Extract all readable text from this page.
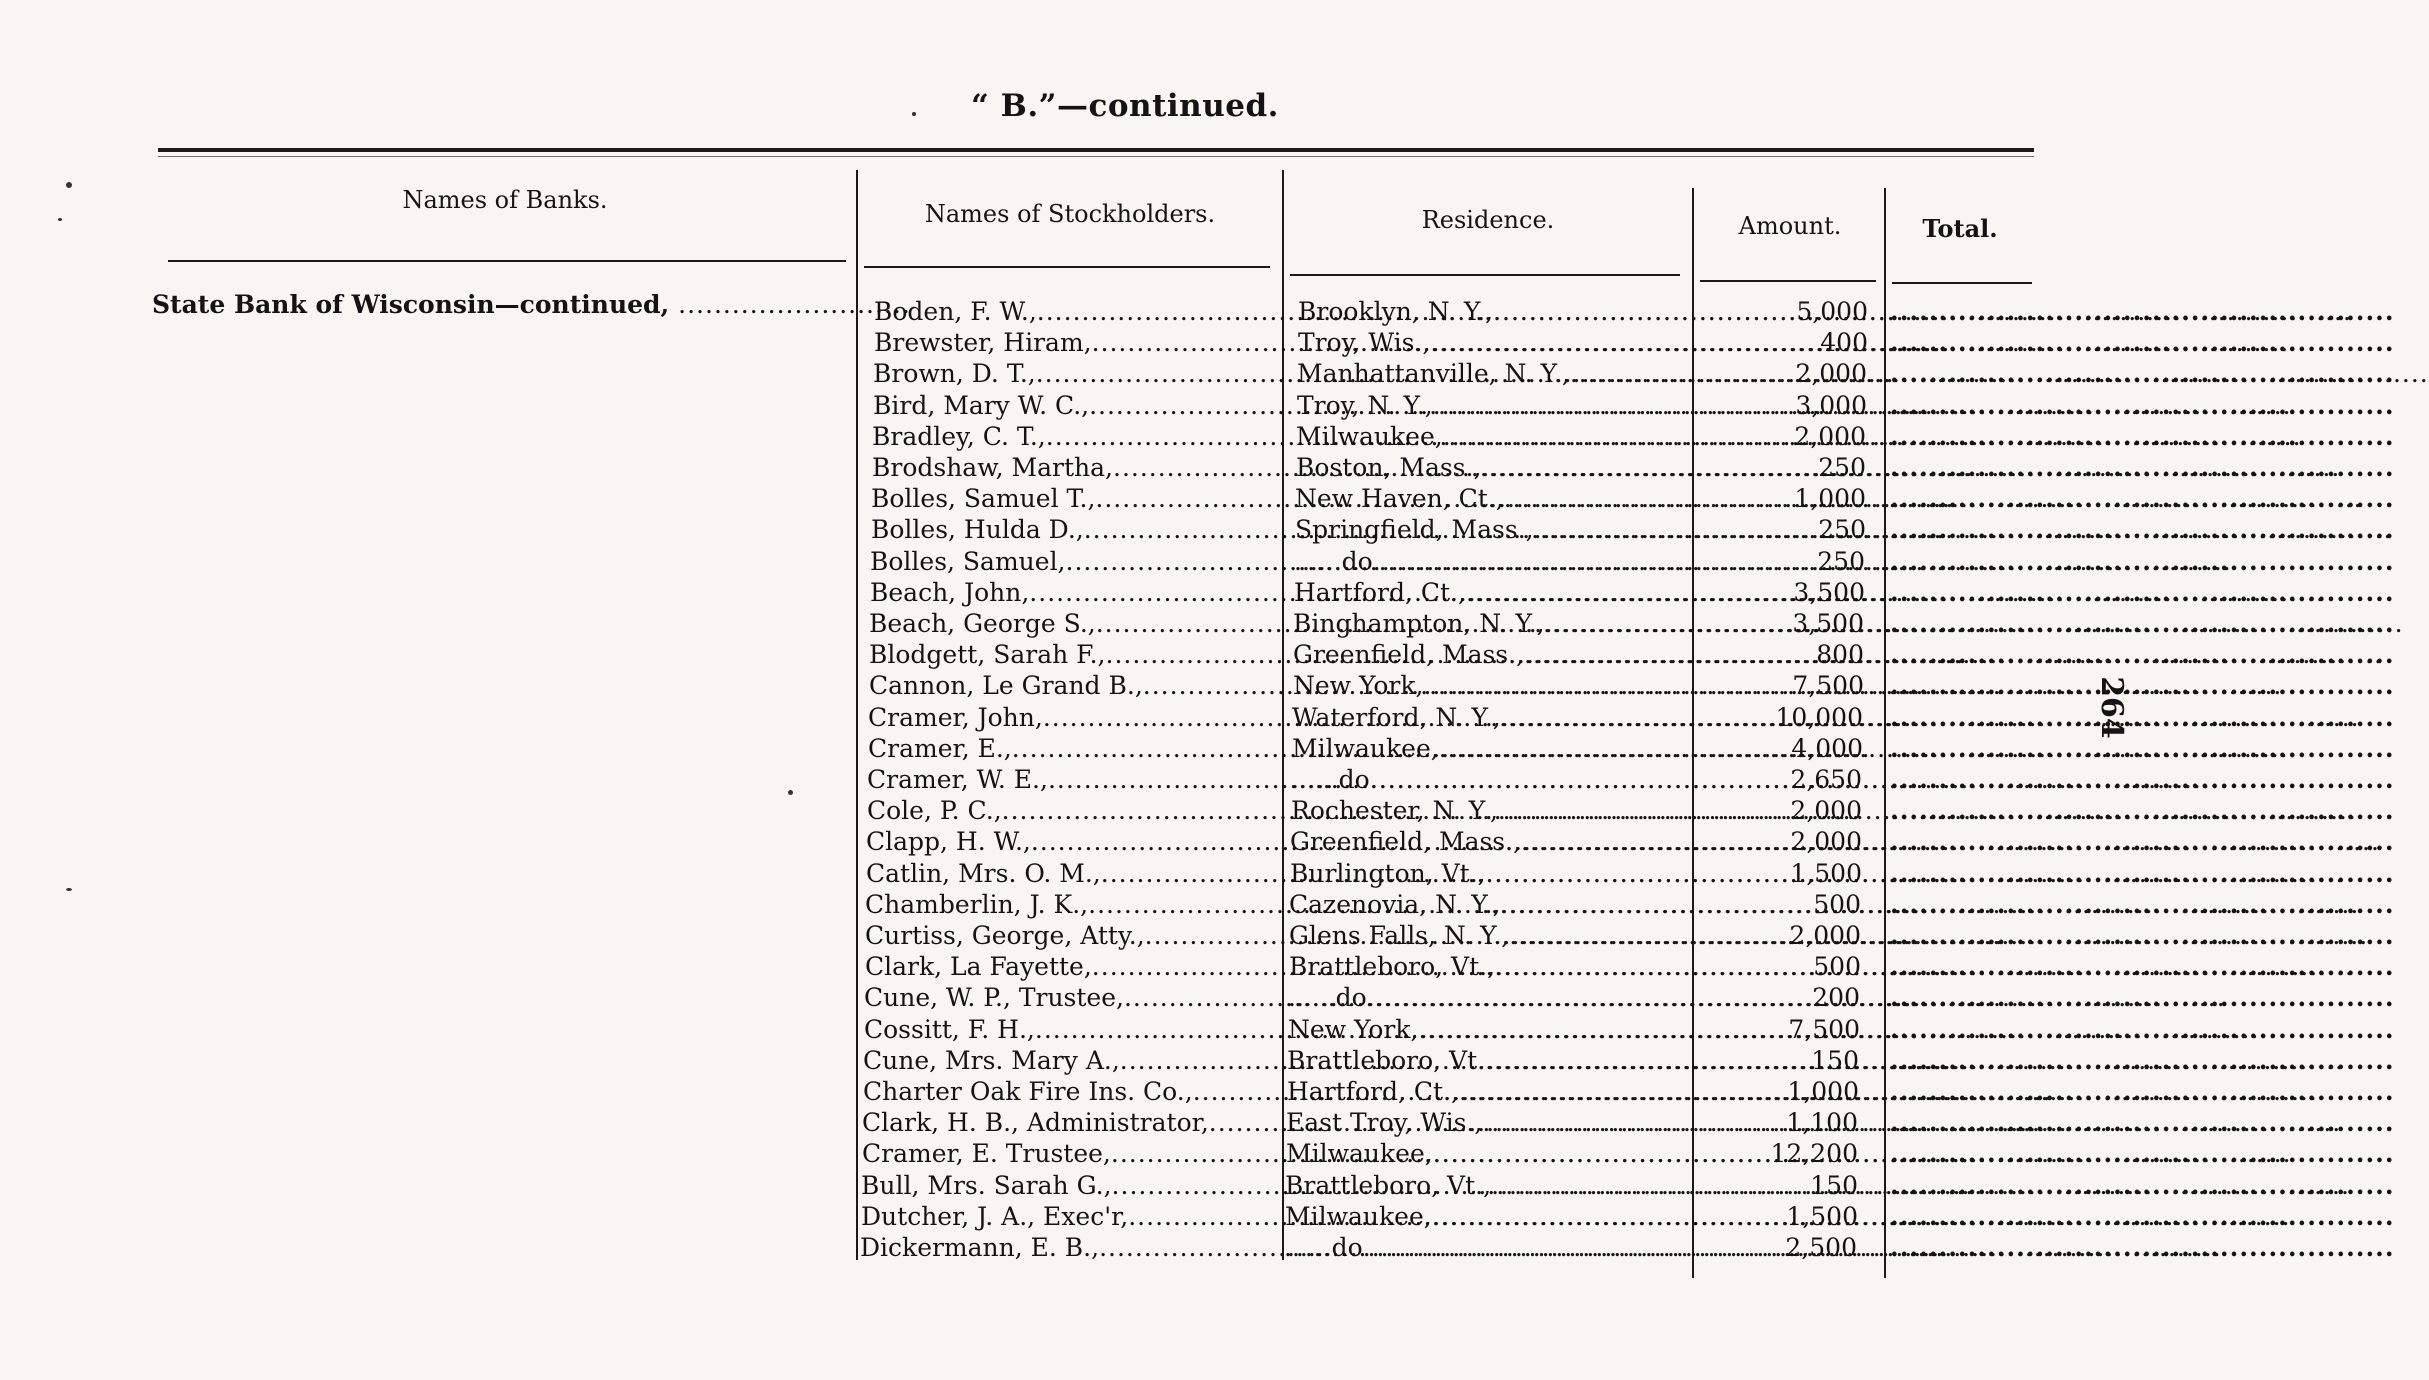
“ B.”—continued.
Names of Banks.	Names of Stockholders.	Residence.	Amount.	Total.
State Bank of Wisconsin—continued, ..........................
Boden, F. W., .....	Brooklyn, N. Y., .....	5,000
.....
Brewster, Hiram, .....	Troy, Wis., .....	400
.....
Brown, D. T., .....	Manhattanville, N. Y., .....	2,000
.....
Bird, Mary W. C., .....	Troy, N. Y., .....	3,000
.....
Bradley, C. T., .....	Milwaukee, .....	2,000
.....
Brodshaw, Martha, .....	Boston, Mass., .....	250
.....
Bolles, Samuel T., .....	New Haven, Ct., .....	1,000
.....
Bolles, Hulda D., .....	Springfield, Mass., .....	250
.....
Bolles, Samuel, .....	......do .....	250
.....
Beach, John, .....	Hartford, Ct., .....	3,500
.....
Beach, George S., .....	Binghampton, N. Y., .....	3,500
.....
Blodgett, Sarah F., .....	Greenfield, Mass., .....	800
.....
Cannon, Le Grand B., .....	New York, .....	7,500
.....
Cramer, John, .....	Waterford, N. Y., .....	10,000
.....
Cramer, E., .....	Milwaukee, .....	4,000
.....
Cramer, W. E., .....	......do .....	2,650
.....
Cole, P. C., .....	Rochester, N. Y., .....	2,000
.....
Clapp, H. W., .....	Greenfield, Mass., .....	2,000
.....
Catlin, Mrs. O. M., .....	Burlington, Vt., .....	1,500
.....
Chamberlin, J. K., .....	Cazenovia, N. Y., .....	500
.....
Curtiss, George, Atty., .....	Glens Falls, N. Y., .....	2,000
.....
Clark, La Fayette, .....	Brattleboro, Vt., .....	500
.....
Cune, W. P., Trustee, .....	......do .....	200
.....
Cossitt, F. H., .....	New York, .....	7,500
.....
Cune, Mrs. Mary A., .....	Brattleboro, Vt. .....	150
.....
Charter Oak Fire Ins. Co., .....	Hartford, Ct., .....	1,000
.....
Clark, H. B., Administrator, .....	East Troy, Wis., .....	1,100
.....
Cramer, E. Trustee, .....	Milwaukee, .....	12,200
.....
Bull, Mrs. Sarah G., .....	Brattleboro, Vt., .....	150
.....
Dutcher, J. A., Exec'r, .....	Milwaukee, .....	1,500
.....
Dickermann, E. B., .....	......do .....	2,500
.....
264
